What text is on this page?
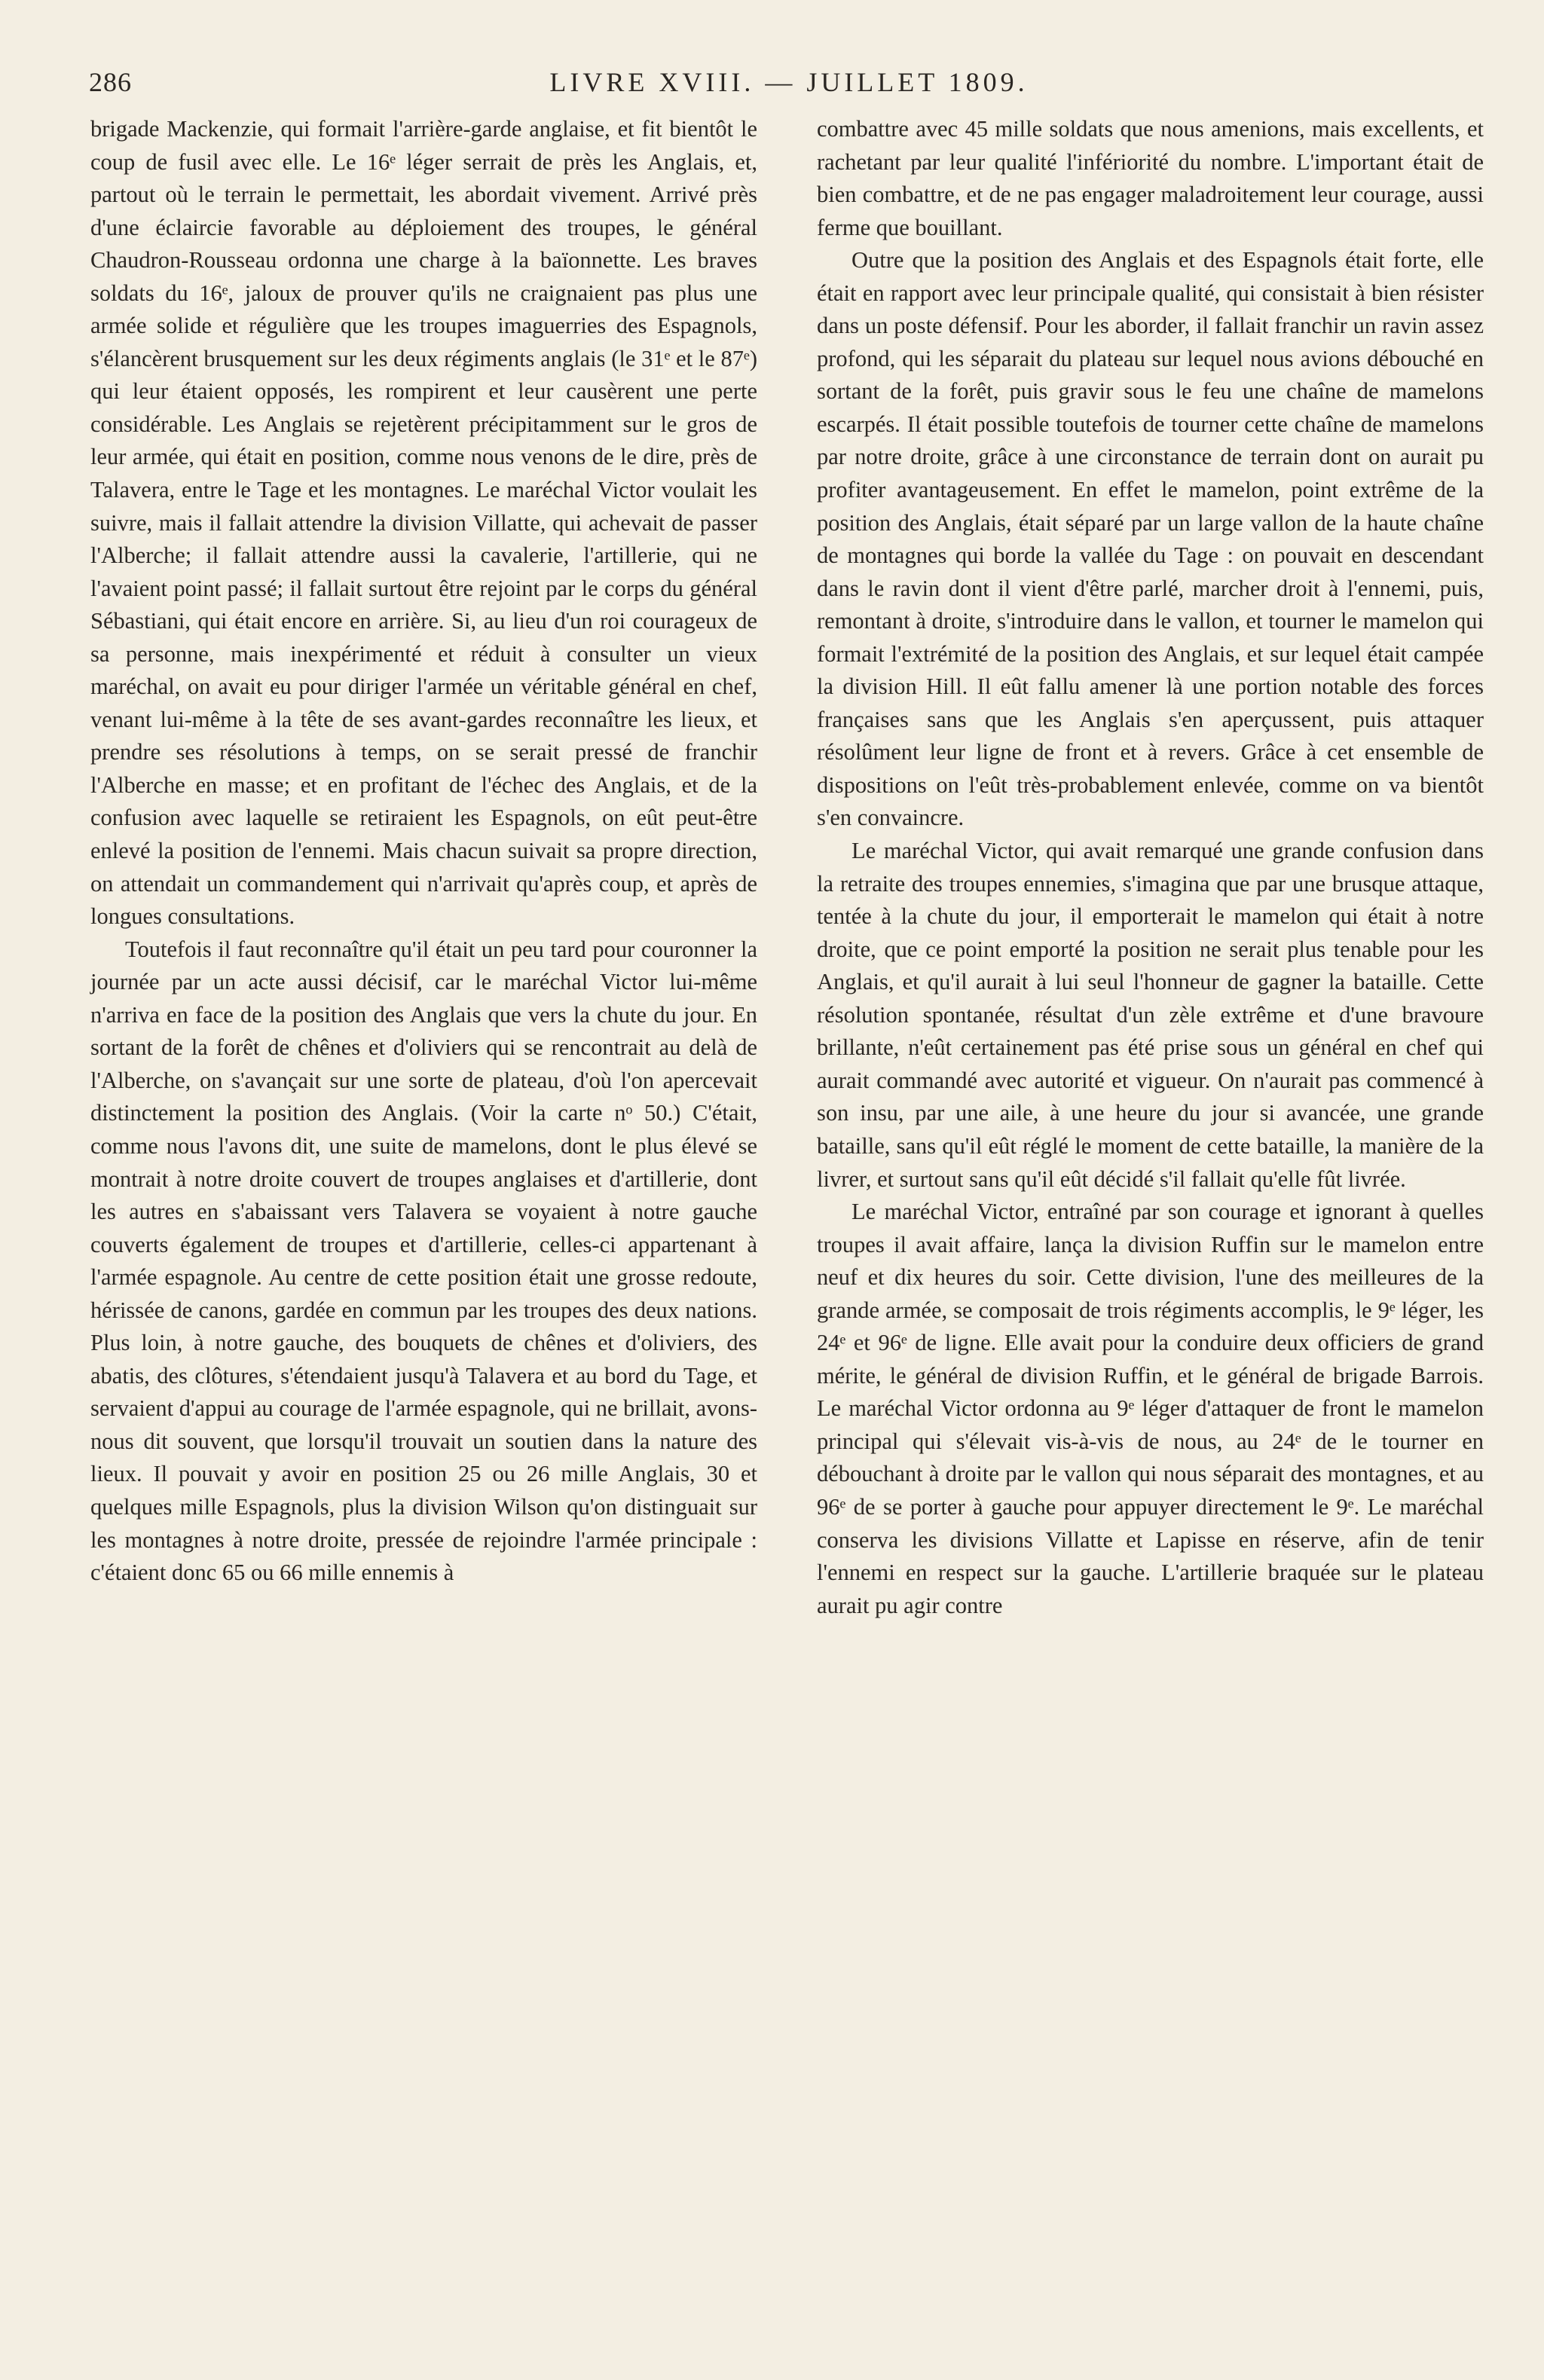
286	LIVRE XVIII. — JUILLET 1809.

brigade Mackenzie, qui formait l'arrière-garde anglaise, et fit bientôt le coup de fusil avec elle. Le 16ᵉ léger serrait de près les Anglais, et, partout où le terrain le permettait, les abordait vivement. Arrivé près d'une éclaircie favorable au déploiement des troupes, le général Chaudron-Rousseau ordonna une charge à la baïonnette. Les braves soldats du 16ᵉ, jaloux de prouver qu'ils ne craignaient pas plus une armée solide et régulière que les troupes imaguerries des Espagnols, s'élancèrent brusquement sur les deux régiments anglais (le 31ᵉ et le 87ᵉ) qui leur étaient opposés, les rompirent et leur causèrent une perte considérable. Les Anglais se rejetèrent précipitamment sur le gros de leur armée, qui était en position, comme nous venons de le dire, près de Talavera, entre le Tage et les montagnes. Le maréchal Victor voulait les suivre, mais il fallait attendre la division Villatte, qui achevait de passer l'Alberche; il fallait attendre aussi la cavalerie, l'artillerie, qui ne l'avaient point passé; il fallait surtout être rejoint par le corps du général Sébastiani, qui était encore en arrière. Si, au lieu d'un roi courageux de sa personne, mais inexpérimenté et réduit à consulter un vieux maréchal, on avait eu pour diriger l'armée un véritable général en chef, venant lui-même à la tête de ses avant-gardes reconnaître les lieux, et prendre ses résolutions à temps, on se serait pressé de franchir l'Alberche en masse; et en profitant de l'échec des Anglais, et de la confusion avec laquelle se retiraient les Espagnols, on eût peut-être enlevé la position de l'ennemi. Mais chacun suivait sa propre direction, on attendait un commandement qui n'arrivait qu'après coup, et après de longues consultations.

Toutefois il faut reconnaître qu'il était un peu tard pour couronner la journée par un acte aussi décisif, car le maréchal Victor lui-même n'arriva en face de la position des Anglais que vers la chute du jour. En sortant de la forêt de chênes et d'oliviers qui se rencontrait au delà de l'Alberche, on s'avançait sur une sorte de plateau, d'où l'on apercevait distinctement la position des Anglais. (Voir la carte nᵒ 50.) C'était, comme nous l'avons dit, une suite de mamelons, dont le plus élevé se montrait à notre droite couvert de troupes anglaises et d'artillerie, dont les autres en s'abaissant vers Talavera se voyaient à notre gauche couverts également de troupes et d'artillerie, celles-ci appartenant à l'armée espagnole. Au centre de cette position était une grosse redoute, hérissée de canons, gardée en commun par les troupes des deux nations. Plus loin, à notre gauche, des bouquets de chênes et d'oliviers, des abatis, des clôtures, s'étendaient jusqu'à Talavera et au bord du Tage, et servaient d'appui au courage de l'armée espagnole, qui ne brillait, avons-nous dit souvent, que lorsqu'il trouvait un soutien dans la nature des lieux. Il pouvait y avoir en position 25 ou 26 mille Anglais, 30 et quelques mille Espagnols, plus la division Wilson qu'on distinguait sur les montagnes à notre droite, pressée de rejoindre l'armée principale : c'étaient donc 65 ou 66 mille ennemis à

combattre avec 45 mille soldats que nous amenions, mais excellents, et rachetant par leur qualité l'infériorité du nombre. L'important était de bien combattre, et de ne pas engager maladroitement leur courage, aussi ferme que bouillant.

Outre que la position des Anglais et des Espagnols était forte, elle était en rapport avec leur principale qualité, qui consistait à bien résister dans un poste défensif. Pour les aborder, il fallait franchir un ravin assez profond, qui les séparait du plateau sur lequel nous avions débouché en sortant de la forêt, puis gravir sous le feu une chaîne de mamelons escarpés. Il était possible toutefois de tourner cette chaîne de mamelons par notre droite, grâce à une circonstance de terrain dont on aurait pu profiter avantageusement. En effet le mamelon, point extrême de la position des Anglais, était séparé par un large vallon de la haute chaîne de montagnes qui borde la vallée du Tage : on pouvait en descendant dans le ravin dont il vient d'être parlé, marcher droit à l'ennemi, puis, remontant à droite, s'introduire dans le vallon, et tourner le mamelon qui formait l'extrémité de la position des Anglais, et sur lequel était campée la division Hill. Il eût fallu amener là une portion notable des forces françaises sans que les Anglais s'en aperçussent, puis attaquer résolûment leur ligne de front et à revers. Grâce à cet ensemble de dispositions on l'eût très-probablement enlevée, comme on va bientôt s'en convaincre.

Le maréchal Victor, qui avait remarqué une grande confusion dans la retraite des troupes ennemies, s'imagina que par une brusque attaque, tentée à la chute du jour, il emporterait le mamelon qui était à notre droite, que ce point emporté la position ne serait plus tenable pour les Anglais, et qu'il aurait à lui seul l'honneur de gagner la bataille. Cette résolution spontanée, résultat d'un zèle extrême et d'une bravoure brillante, n'eût certainement pas été prise sous un général en chef qui aurait commandé avec autorité et vigueur. On n'aurait pas commencé à son insu, par une aile, à une heure du jour si avancée, une grande bataille, sans qu'il eût réglé le moment de cette bataille, la manière de la livrer, et surtout sans qu'il eût décidé s'il fallait qu'elle fût livrée.

Le maréchal Victor, entraîné par son courage et ignorant à quelles troupes il avait affaire, lança la division Ruffin sur le mamelon entre neuf et dix heures du soir. Cette division, l'une des meilleures de la grande armée, se composait de trois régiments accomplis, le 9ᵉ léger, les 24ᵉ et 96ᵉ de ligne. Elle avait pour la conduire deux officiers de grand mérite, le général de division Ruffin, et le général de brigade Barrois. Le maréchal Victor ordonna au 9ᵉ léger d'attaquer de front le mamelon principal qui s'élevait vis-à-vis de nous, au 24ᵉ de le tourner en débouchant à droite par le vallon qui nous séparait des montagnes, et au 96ᵉ de se porter à gauche pour appuyer directement le 9ᵉ. Le maréchal conserva les divisions Villatte et Lapisse en réserve, afin de tenir l'ennemi en respect sur la gauche. L'artillerie braquée sur le plateau aurait pu agir contre
